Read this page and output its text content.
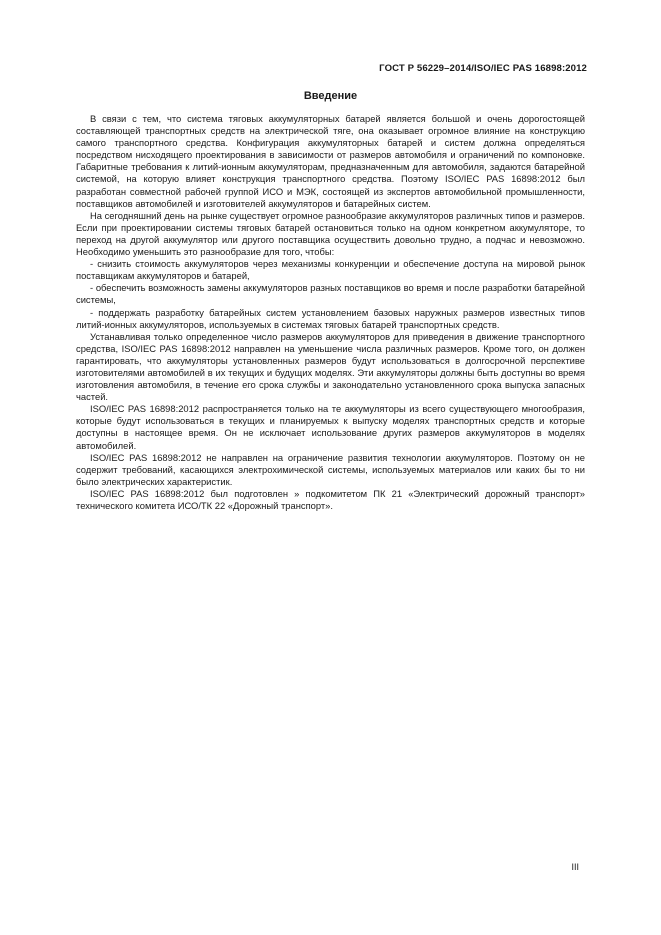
ГОСТ Р 56229–2014/ISO/IEC PAS 16898:2012
Введение

В связи с тем, что система тяговых аккумуляторных батарей является большой и очень дорогостоящей составляющей транспортных средств на электрической тяге, она оказывает огромное влияние на конструкцию самого транспортного средства. Конфигурация аккумуляторных батарей и систем должна определяться посредством нисходящего проектирования в зависимости от размеров автомобиля и ограничений по компоновке. Габаритные требования к литий-ионным аккумуляторам, предназначенным для автомобиля, задаются батарейной системой, на которую влияет конструкция транспортного средства. Поэтому ISO/IEC PAS 16898:2012 был разработан совместной рабочей группой ИСО и МЭК, состоящей из экспертов автомобильной промышленности, поставщиков автомобилей и изготовителей аккумуляторов и батарейных систем.

На сегодняшний день на рынке существует огромное разнообразие аккумуляторов различных типов и размеров. Если при проектировании системы тяговых батарей остановиться только на одном конкретном аккумуляторе, то переход на другой аккумулятор или другого поставщика осуществить довольно трудно, а подчас и невозможно. Необходимо уменьшить это разнообразие для того, чтобы:

- снизить стоимость аккумуляторов через механизмы конкуренции и обеспечение доступа на мировой рынок поставщикам аккумуляторов и батарей,

- обеспечить возможность замены аккумуляторов разных поставщиков во время и после разработки батарейной системы,

- поддержать разработку батарейных систем установлением базовых наружных размеров известных типов литий-ионных аккумуляторов, используемых в системах тяговых батарей транспортных средств.

Устанавливая только определенное число размеров аккумуляторов для приведения в движение транспортного средства, ISO/IEC PAS 16898:2012 направлен на уменьшение числа различных размеров. Кроме того, он должен гарантировать, что аккумуляторы установленных размеров будут использоваться в долгосрочной перспективе изготовителями автомобилей в их текущих и будущих моделях. Эти аккумуляторы должны быть доступны во время изготовления автомобиля, в течение его срока службы и законодательно установленного срока выпуска запасных частей.

ISO/IEC PAS 16898:2012 распространяется только на те аккумуляторы из всего существующего многообразия, которые будут использоваться в текущих и планируемых к выпуску моделях транспортных средств и которые доступны в настоящее время. Он не исключает использование других размеров аккумуляторов в моделях автомобилей.

ISO/IEC PAS 16898:2012 не направлен на ограничение развития технологии аккумуляторов. Поэтому он не содержит требований, касающихся электрохимической системы, используемых материалов или каких бы то ни было электрических характеристик.

ISO/IEC PAS 16898:2012 был подготовлен » подкомитетом ПК 21 «Электрический дорожный транспорт» технического комитета ИСО/ТК 22 «Дорожный транспорт».

III
